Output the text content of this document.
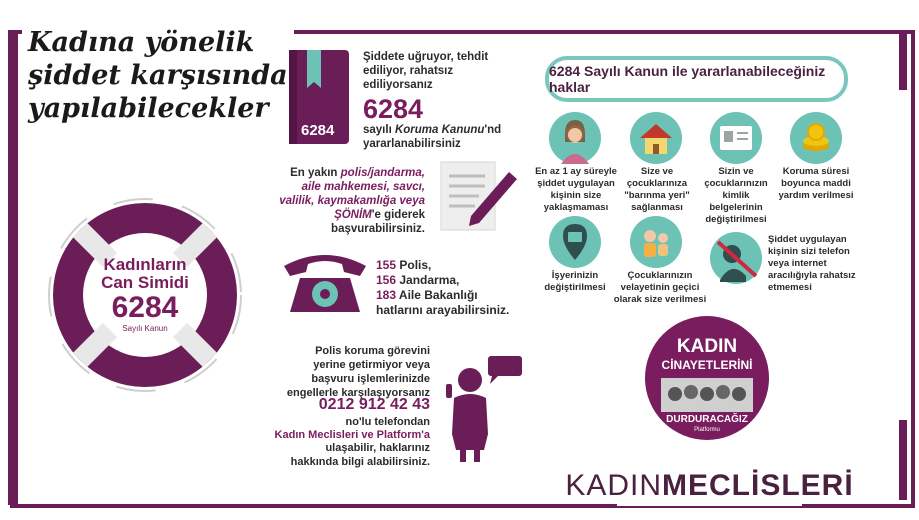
Kadına yönelik
şiddet karşısında
yapılabilecekler
6284
Şiddete uğruyor, tehdit ediliyor, rahatsız ediliyorsanız
6284
sayılı Koruma Kanunu'nd yararlanabilirsiniz
En yakın polis/jandarma, aile mahkemesi, savcı, valilik, kaymakamlığa veya ŞÖNİM'e giderek başvurabilirsiniz.
155 Polis,
156 Jandarma,
183 Aile Bakanlığı
hatlarını arayabilirsiniz.
Polis koruma görevini yerine getirmiyor veya başvuru işlemlerinizde engellerle karşılaşıyorsanız
0212 912 42 43
no'lu telefondan
Kadın Meclisleri ve Platform'a
ulaşabilir, haklarınız hakkında bilgi alabilirsiniz.
Kadınların
Can Simidi
6284
Sayılı Kanun
6284 Sayılı Kanun ile yararlanabileceğiniz haklar
En az 1 ay süreyle şiddet uygulayan kişinin size yaklaşmaması
Size ve çocuklarınıza "barınma yeri" sağlanması
Sizin ve çocuklarınızın kimlik belgelerinin değiştirilmesi
Koruma süresi boyunca maddi yardım verilmesi
İşyerinizin değiştirilmesi
Çocuklarınızın velayetinin geçici olarak size verilmesi
Şiddet uygulayan kişinin sizi telefon veya internet aracılığıyla rahatsız etmemesi
KADIN
CİNAYETLERİNİ
DURDURACAĞIZ
Platformu
KADIN MECLİSLERİ
